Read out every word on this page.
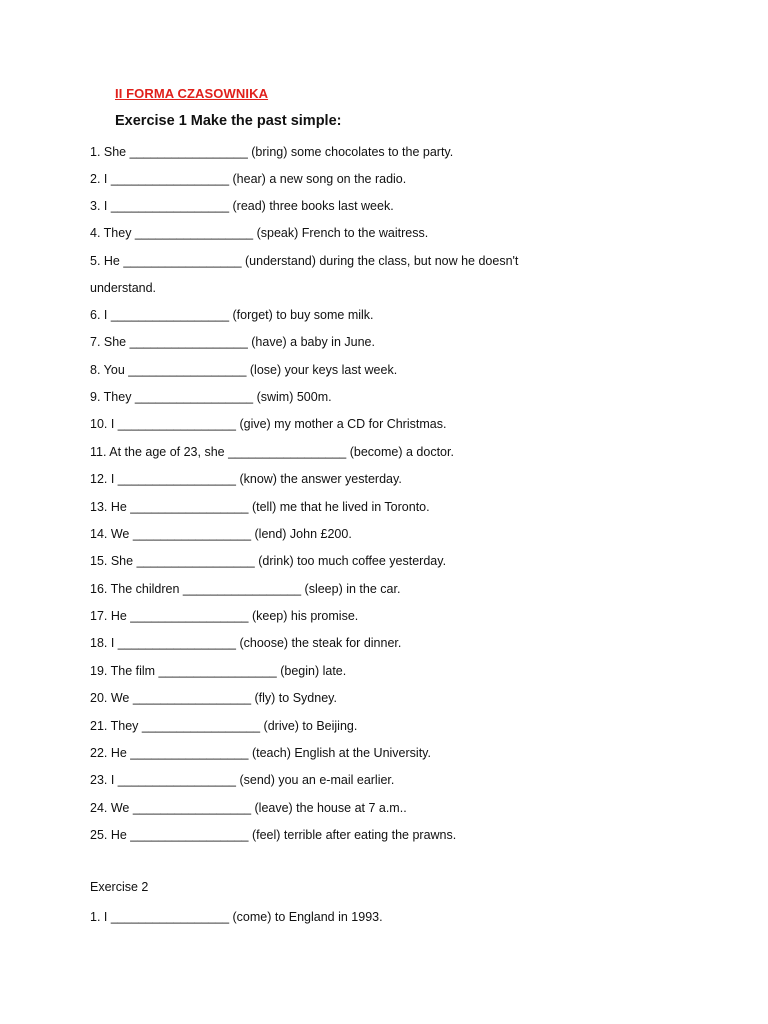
II FORMA CZASOWNIKA
Exercise 1 Make the past simple:
1. She _________________ (bring) some chocolates to the party.
2. I _________________ (hear) a new song on the radio.
3. I _________________ (read) three books last week.
4. They _________________ (speak) French to the waitress.
5. He _________________ (understand) during the class, but now he doesn't
understand.
6. I _________________ (forget) to buy some milk.
7. She _________________ (have) a baby in June.
8. You _________________ (lose) your keys last week.
9. They _________________ (swim) 500m.
10. I _________________ (give) my mother a CD for Christmas.
11. At the age of 23, she _________________ (become) a doctor.
12. I _________________ (know) the answer yesterday.
13. He _________________ (tell) me that he lived in Toronto.
14. We _________________ (lend) John £200.
15. She _________________ (drink) too much coffee yesterday.
16. The children _________________ (sleep) in the car.
17. He _________________ (keep) his promise.
18. I _________________ (choose) the steak for dinner.
19. The film _________________ (begin) late.
20. We _________________ (fly) to Sydney.
21. They _________________ (drive) to Beijing.
22. He _________________ (teach) English at the University.
23. I _________________ (send) you an e-mail earlier.
24. We _________________ (leave) the house at 7 a.m..
25. He _________________ (feel) terrible after eating the prawns.
Exercise 2
1. I _________________ (come) to England in 1993.
